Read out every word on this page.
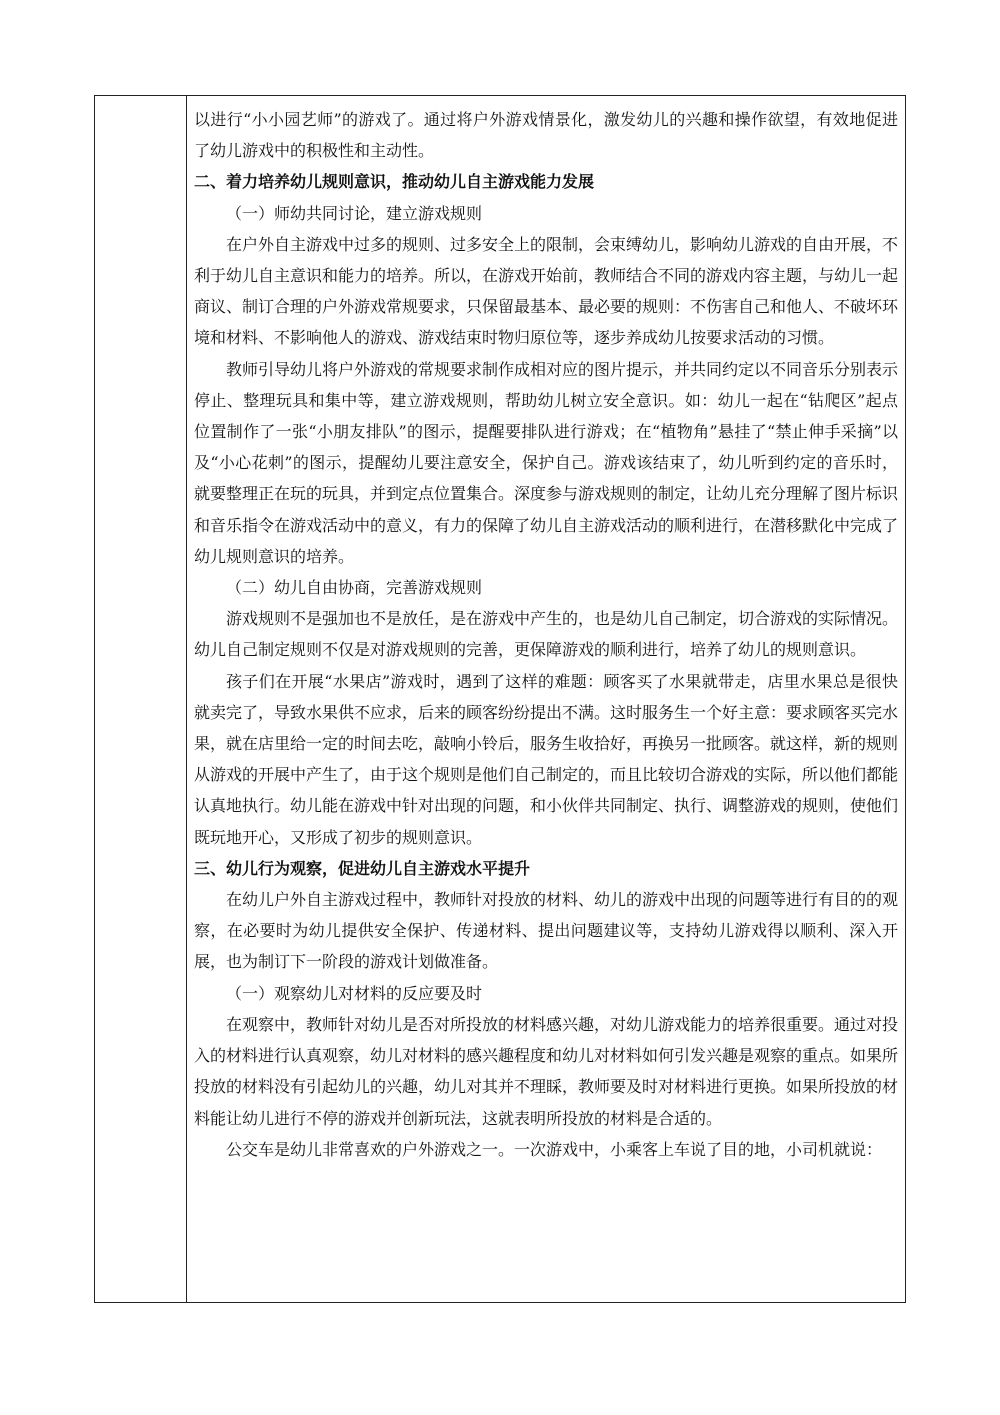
以进行“小小园艺师”的游戏了。通过将户外游戏情景化，激发幼儿的兴趣和操作欲望，有效地促进了幼儿游戏中的积极性和主动性。

二、着力培养幼儿规则意识，推动幼儿自主游戏能力发展

（一）师幼共同讨论，建立游戏规则

在户外自主游戏中过多的规则、过多安全上的限制，会束缚幼儿，影响幼儿游戏的自由开展，不利于幼儿自主意识和能力的培养。所以，在游戏开始前，教师结合不同的游戏内容主题，与幼儿一起商议、制订合理的户外游戏常规要求，只保留最基本、最必要的规则：不伤害自己和他人、不破坏环境和材料、不影响他人的游戏、游戏结束时物归原位等，逐步养成幼儿按要求活动的习惯。

教师引导幼儿将户外游戏的常规要求制作成相对应的图片提示，并共同约定以不同音乐分别表示停止、整理玩具和集中等，建立游戏规则，帮助幼儿树立安全意识。如：幼儿一起在“钻爬区”起点位置制作了一张“小朋友排队”的图示，提醒要排队进行游戏；在“植物角”悬挂了“禁止伸手采摘”以及“小心花刺”的图示，提醒幼儿要注意安全，保护自己。游戏该结束了，幼儿听到约定的音乐时，就要整理正在玩的玩具，并到定点位置集合。深度参与游戏规则的制定，让幼儿充分理解了图片标识和音乐指令在游戏活动中的意义，有力的保障了幼儿自主游戏活动的顺利进行，在潜移默化中完成了幼儿规则意识的培养。

（二）幼儿自由协商，完善游戏规则

游戏规则不是强加也不是放任，是在游戏中产生的，也是幼儿自己制定，切合游戏的实际情况。幼儿自己制定规则不仅是对游戏规则的完善，更保障游戏的顺利进行，培养了幼儿的规则意识。

孩子们在开展“水果店”游戏时，遇到了这样的难题：顾客买了水果就带走，店里水果总是很快就卖完了，导致水果供不应求，后来的顾客纷纷提出不满。这时服务生一个好主意：要求顾客买完水果，就在店里给一定的时间去吃，敲响小铃后，服务生收拾好，再换另一批顾客。就这样，新的规则从游戏的开展中产生了，由于这个规则是他们自己制定的，而且比较切合游戏的实际，所以他们都能认真地执行。幼儿能在游戏中针对出现的问题，和小伙伴共同制定、执行、调整游戏的规则，使他们既玩地开心，又形成了初步的规则意识。

三、幼儿行为观察，促进幼儿自主游戏水平提升

在幼儿户外自主游戏过程中，教师针对投放的材料、幼儿的游戏中出现的问题等进行有目的的观察，在必要时为幼儿提供安全保护、传递材料、提出问题建议等，支持幼儿游戏得以顺利、深入开展，也为制订下一阶段的游戏计划做准备。

（一）观察幼儿对材料的反应要及时

在观察中，教师针对幼儿是否对所投放的材料感兴趣，对幼儿游戏能力的培养很重要。通过对投入的材料进行认真观察，幼儿对材料的感兴趣程度和幼儿对材料如何引发兴趣是观察的重点。如果所投放的材料没有引起幼儿的兴趣，幼儿对其并不理睬，教师要及时对材料进行更换。如果所投放的材料能让幼儿进行不停的游戏并创新玩法，这就表明所投放的材料是合适的。

公交车是幼儿非常喜欢的户外游戏之一。一次游戏中，小乘客上车说了目的地，小司机就说：
